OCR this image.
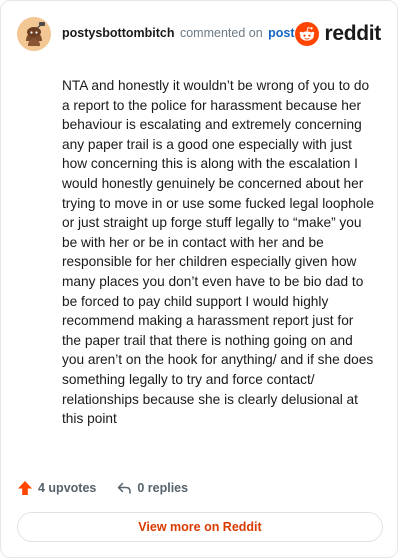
postysbottombitch commented on post reddit
NTA and honestly it wouldn’t be wrong of you to do a report to the police for harassment because her behaviour is escalating and extremely concerning any paper trail is a good one especially with just how concerning this is along with the escalation I would honestly genuinely be concerned about her trying to move in or use some fucked legal loophole or just straight up forge stuff legally to “make” you be with her or be in contact with her and be responsible for her children especially given how many places you don’t even have to be bio dad to be forced to pay child support I would highly recommend making a harassment report just for the paper trail that there is nothing going on and you aren’t on the hook for anything/ and if she does something legally to try and force contact/ relationships because she is clearly delusional at this point
4 upvotes	0 replies
View more on Reddit
